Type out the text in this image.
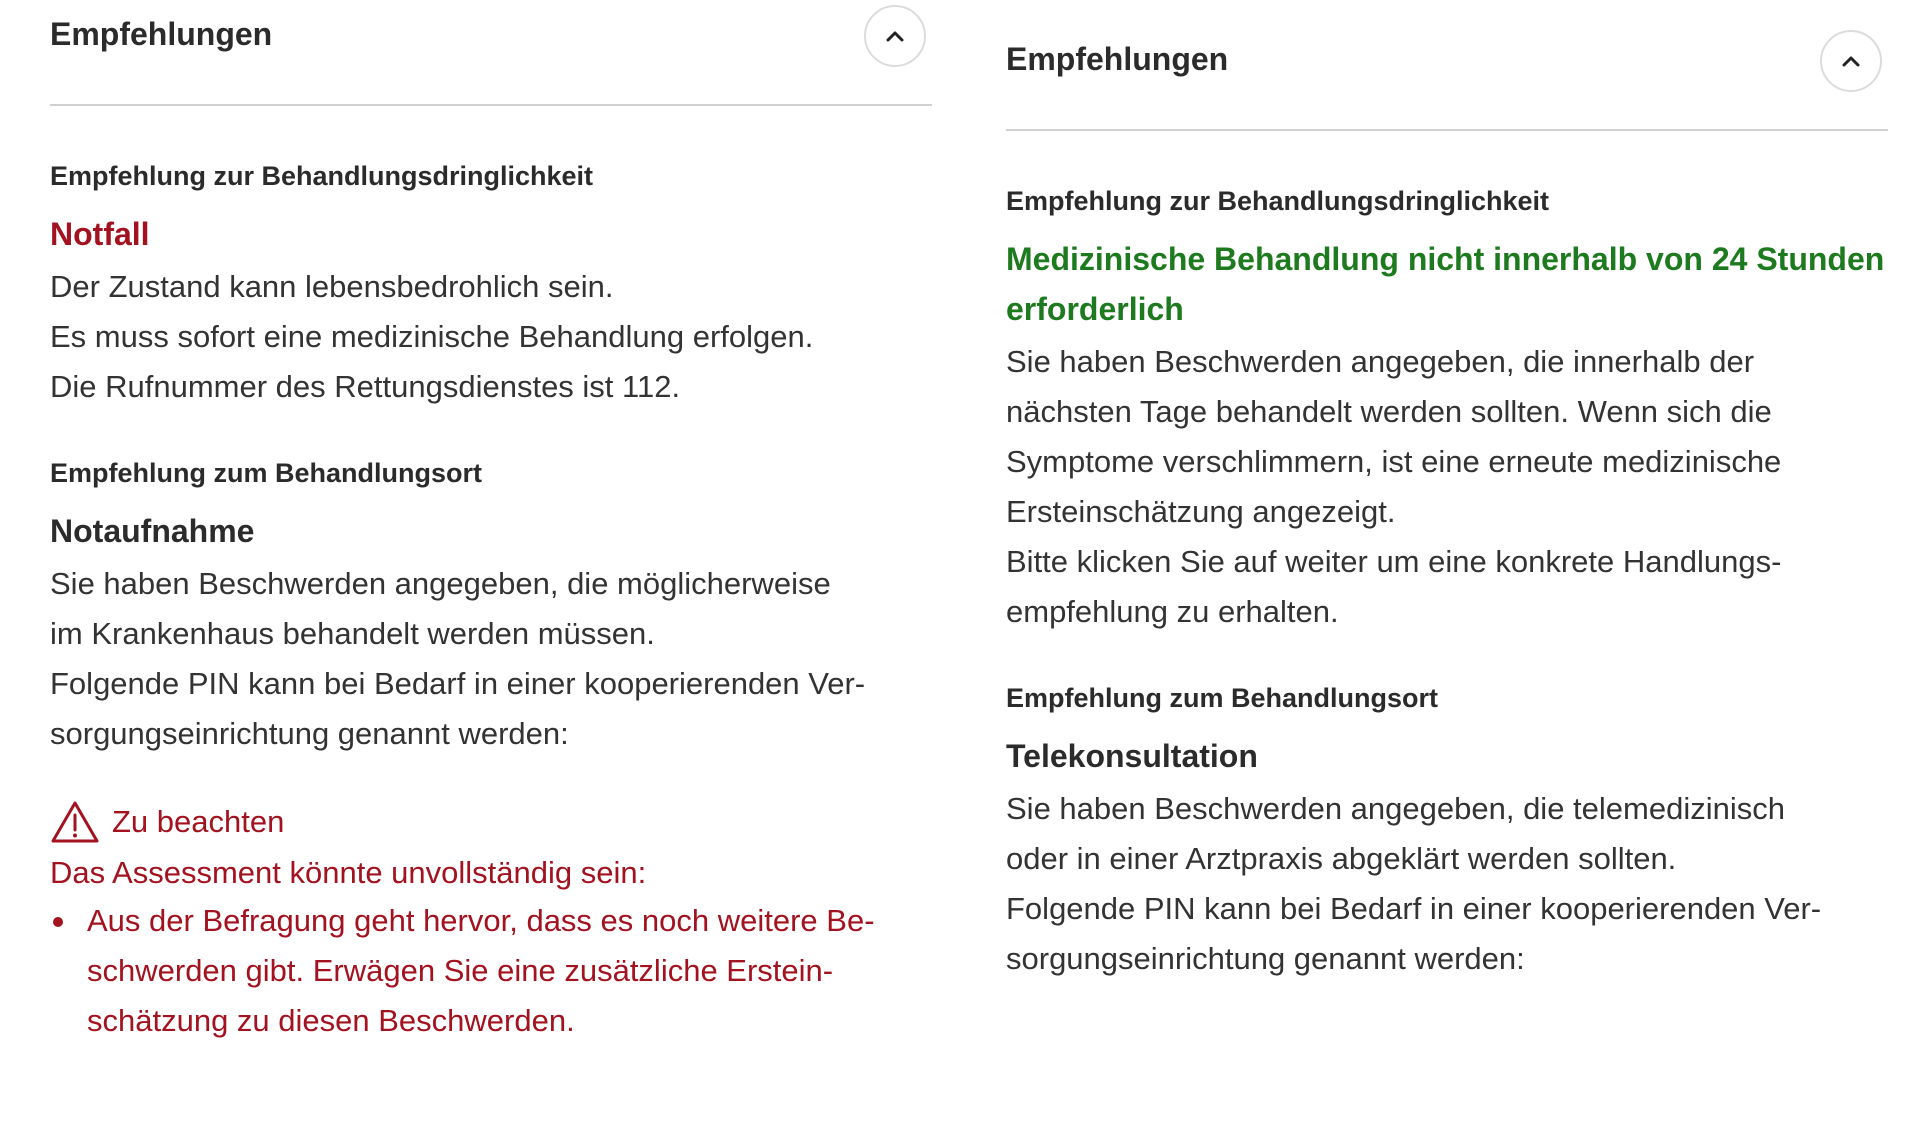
Empfehlungen
Empfehlung zur Behandlungsdringlichkeit
Notfall
Der Zustand kann lebensbedrohlich sein.
Es muss sofort eine medizinische Behandlung erfolgen.
Die Rufnummer des Rettungsdienstes ist 112.
Empfehlung zum Behandlungsort
Notaufnahme
Sie haben Beschwerden angegeben, die möglicherweise
im Krankenhaus behandelt werden müssen.
Folgende PIN kann bei Bedarf in einer kooperierenden Ver-
sorgungseinrichtung genannt werden:
Zu beachten
Das Assessment könnte unvollständig sein:
Aus der Befragung geht hervor, dass es noch weitere Be-
schwerden gibt. Erwägen Sie eine zusätzliche Erstein-
schätzung zu diesen Beschwerden.
Empfehlungen
Empfehlung zur Behandlungsdringlichkeit
Medizinische Behandlung nicht innerhalb von 24 Stunden
erforderlich
Sie haben Beschwerden angegeben, die innerhalb der
nächsten Tage behandelt werden sollten. Wenn sich die
Symptome verschlimmern, ist eine erneute medizinische
Ersteinschätzung angezeigt.
Bitte klicken Sie auf weiter um eine konkrete Handlungs-
empfehlung zu erhalten.
Empfehlung zum Behandlungsort
Telekonsultation
Sie haben Beschwerden angegeben, die telemedizinisch
oder in einer Arztpraxis abgeklärt werden sollten.
Folgende PIN kann bei Bedarf in einer kooperierenden Ver-
sorgungseinrichtung genannt werden:
